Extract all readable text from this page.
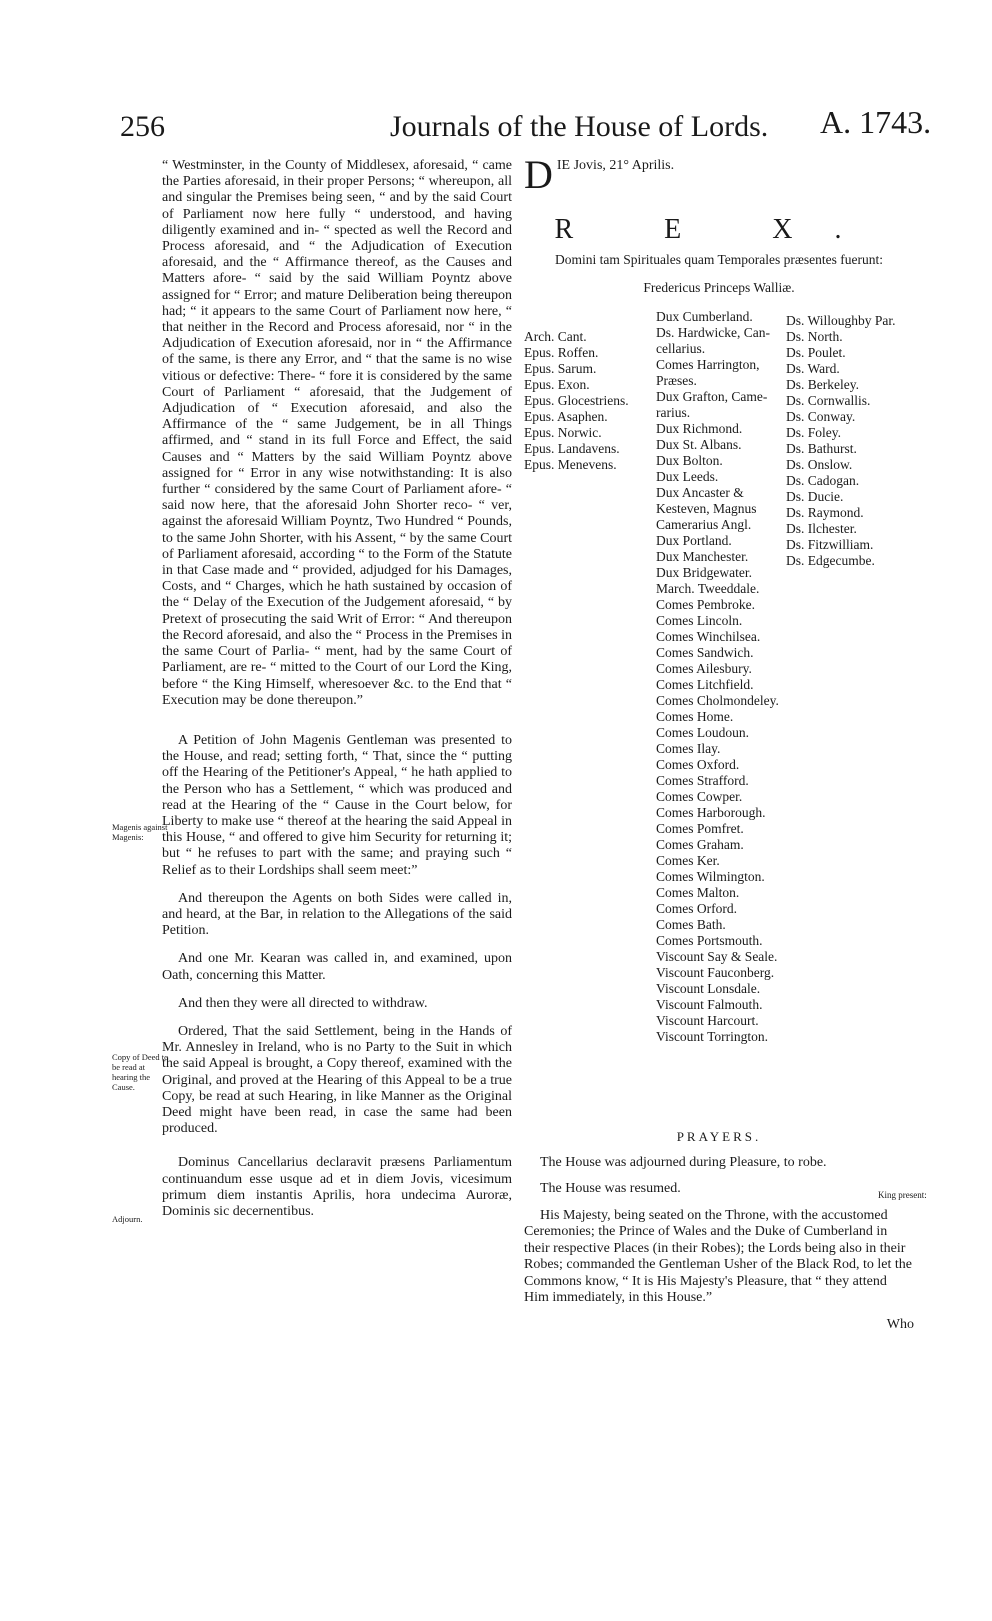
256	Journals of the House of Lords. A. 1743.

“ Westminster, in the County of Middlesex, aforesaid, “ came the Parties aforesaid, in their proper Persons; “ whereupon, all and singular the Premises being seen, “ and by the said Court of Parliament now here fully “ understood, and having diligently examined and in- “ spected as well the Record and Process aforesaid, and “ the Adjudication of Execution aforesaid, and the “ Affirmance thereof, as the Causes and Matters afore- “ said by the said William Poyntz above assigned for “ Error; and mature Deliberation being thereupon had; “ it appears to the same Court of Parliament now here, “ that neither in the Record and Process aforesaid, nor “ in the Adjudication of Execution aforesaid, nor in “ the Affirmance of the same, is there any Error, and “ that the same is no wise vitious or defective: There- “ fore it is considered by the same Court of Parliament “ aforesaid, that the Judgement of Adjudication of “ Execution aforesaid, and also the Affirmance of the “ same Judgement, be in all Things affirmed, and “ stand in its full Force and Effect, the said Causes and “ Matters by the said William Poyntz above assigned for “ Error in any wise notwithstanding: It is also further “ considered by the same Court of Parliament afore- “ said now here, that the aforesaid John Shorter reco- “ ver, against the aforesaid William Poyntz, Two Hundred “ Pounds, to the same John Shorter, with his Assent, “ by the same Court of Parliament aforesaid, according “ to the Form of the Statute in that Case made and “ provided, adjudged for his Damages, Costs, and “ Charges, which he hath sustained by occasion of the “ Delay of the Execution of the Judgement aforesaid, “ by Pretext of prosecuting the said Writ of Error: “ And thereupon the Record aforesaid, and also the “ Process in the Premises in the same Court of Parlia- “ ment, had by the same Court of Parliament, are re- “ mitted to the Court of our Lord the King, before “ the King Himself, wheresoever &c. to the End that “ Execution may be done thereupon.”

A Petition of John Magenis Gentleman was presented to the House, and read; setting forth, “ That, since the “ putting off the Hearing of the Petitioner's Appeal, “ he hath applied to the Person who has a Settlement, “ which was produced and read at the Hearing of the “ Cause in the Court below, for Liberty to make use “ thereof at the hearing the said Appeal in this House, “ and offered to give him Security for returning it; but “ he refuses to part with the same; and praying such “ Relief as to their Lordships shall seem meet:”

And thereupon the Agents on both Sides were called in, and heard, at the Bar, in relation to the Allegations of the said Petition.

And one Mr. Kearan was called in, and examined, upon Oath, concerning this Matter.

And then they were all directed to withdraw.

Ordered, That the said Settlement, being in the Hands of Mr. Annesley in Ireland, who is no Party to the Suit in which the said Appeal is brought, a Copy thereof, examined with the Original, and proved at the Hearing of this Appeal to be a true Copy, be read at such Hearing, in like Manner as the Original Deed might have been read, in case the same had been produced.

Dominus Cancellarius declaravit præsens Parliamentum continuandum esse usque ad et in diem Jovis, vicesimum primum diem instantis Aprilis, hora undecima Auroræ, Dominis sic decernentibus.

Magenis against Magenis:
Copy of Deed to be read at hearing the Cause.
Adjourn.
D IE Jovis, 21° Aprilis.
R E X.
Domini tam Spirituales quam Temporales præsentes fuerunt:
Fredericus Princeps Walliæ.
Arch. Cant.
Epus. Roffen.
Epus. Sarum.
Epus. Exon.
Epus. Glocestriens.
Epus. Asaphen.
Epus. Norwic.
Epus. Landavens.
Epus. Menevens.
Dux Cumberland.
Ds. Hardwicke, Can-
cellarius.
Comes Harrington,
Præses.
Dux Grafton, Came-
rarius.
Dux Richmond.
Dux St. Albans.
Dux Bolton.
Dux Leeds.
Dux Ancaster &
Kesteven, Magnus
Camerarius Angl.
Dux Portland.
Dux Manchester.
Dux Bridgewater.
March. Tweeddale.
Comes Pembroke.
Comes Lincoln.
Comes Winchilsea.
Comes Sandwich.
Comes Ailesbury.
Comes Litchfield.
Comes Cholmondeley.
Comes Home.
Comes Loudoun.
Comes Ilay.
Comes Oxford.
Comes Strafford.
Comes Cowper.
Comes Harborough.
Comes Pomfret.
Comes Graham.
Comes Ker.
Comes Wilmington.
Comes Malton.
Comes Orford.
Comes Bath.
Comes Portsmouth.
Viscount Say & Seale.
Viscount Fauconberg.
Viscount Lonsdale.
Viscount Falmouth.
Viscount Harcourt.
Viscount Torrington.
Ds. Willoughby Par.
Ds. North.
Ds. Poulet.
Ds. Ward.
Ds. Berkeley.
Ds. Cornwallis.
Ds. Conway.
Ds. Foley.
Ds. Bathurst.
Ds. Onslow.
Ds. Cadogan.
Ds. Ducie.
Ds. Raymond.
Ds. Ilchester.
Ds. Fitzwilliam.
Ds. Edgecumbe.
PRAYERS.

The House was adjourned during Pleasure, to robe.

The House was resumed.

His Majesty, being seated on the Throne, with the accustomed Ceremonies; the Prince of Wales and the Duke of Cumberland in their respective Places (in their Robes); the Lords being also in their Robes; commanded the Gentleman Usher of the Black Rod, to let the Commons know, “ It is His Majesty's Pleasure, that “ they attend Him immediately, in this House.”

Who
King present:
